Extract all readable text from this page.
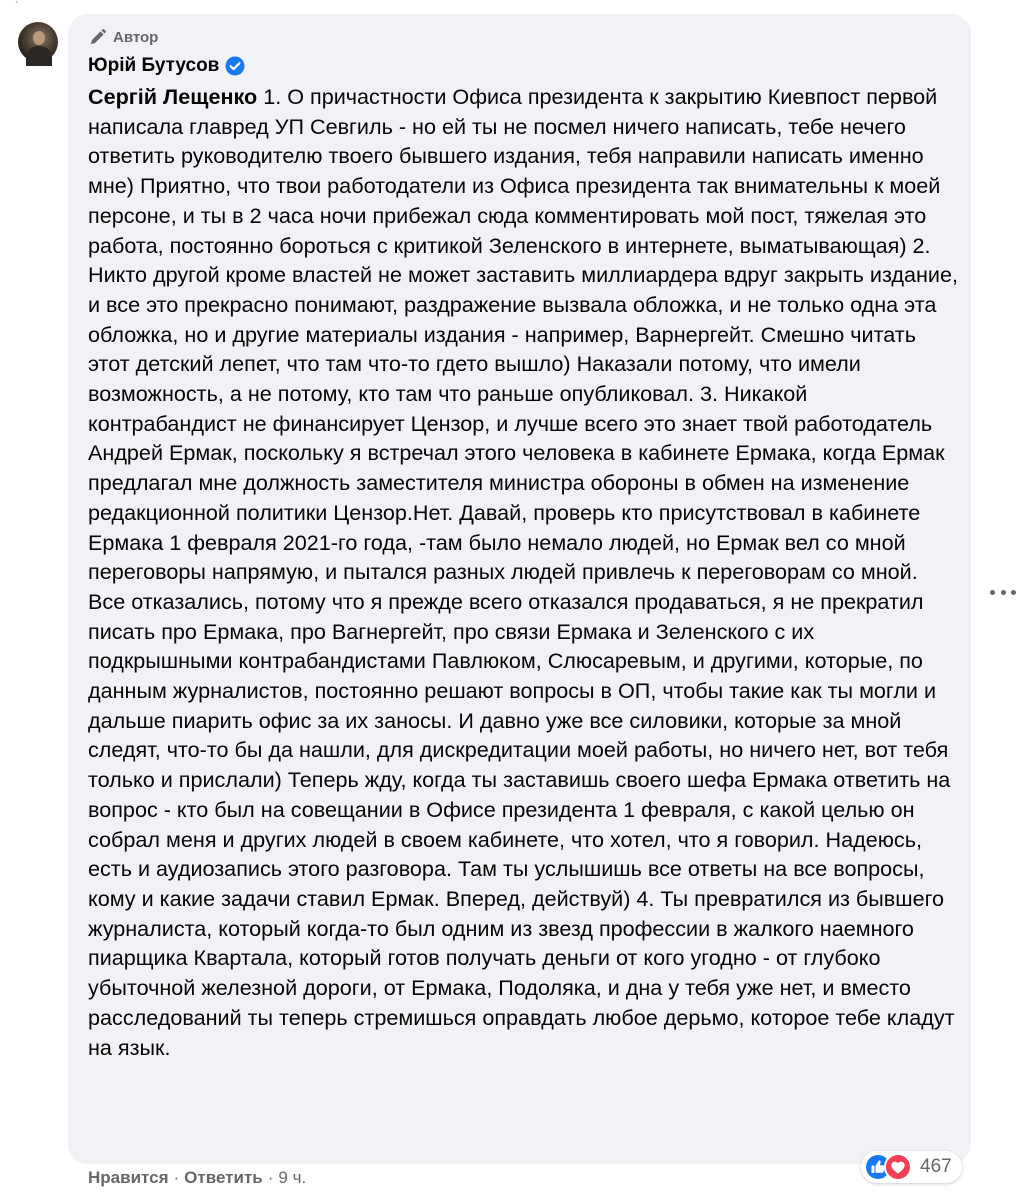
Автор
Юрій Бутусов
Сергій Лещенко 1. О причастности Офиса президента к закрытию Киевпост первой написала главред УП Севгиль - но ей ты не посмел ничего написать, тебе нечего ответить руководителю твоего бывшего издания, тебя направили написать именно мне) Приятно, что твои работодатели из Офиса президента так внимательны к моей персоне, и ты в 2 часа ночи прибежал сюда комментировать мой пост, тяжелая это работа, постоянно бороться с критикой Зеленского в интернете, выматывающая) 2. Никто другой кроме властей не может заставить миллиардера вдруг закрыть издание, и все это прекрасно понимают, раздражение вызвала обложка, и не только одна эта обложка, но и другие материалы издания - например, Варнергейт. Смешно читать этот детский лепет, что там что-то гдето вышло) Наказали потому, что имели возможность, а не потому, кто там что раньше опубликовал. 3. Никакой контрабандист не финансирует Цензор, и лучше всего это знает твой работодатель Андрей Ермак, поскольку я встречал этого человека в кабинете Ермака, когда Ермак предлагал мне должность заместителя министра обороны в обмен на изменение редакционной политики Цензор.Нет. Давай, проверь кто присутствовал в кабинете Ермака 1 февраля 2021-го года, -там было немало людей, но Ермак вел со мной переговоры напрямую, и пытался разных людей привлечь к переговорам со мной. Все отказались, потому что я прежде всего отказался продаваться, я не прекратил писать про Ермака, про Вагнергейт, про связи Ермака и Зеленского с их подкрышными контрабандистами Павлюком, Слюсаревым, и другими, которые, по данным журналистов, постоянно решают вопросы в ОП, чтобы такие как ты могли и дальше пиарить офис за их заносы. И давно уже все силовики, которые за мной следят, что-то бы да нашли, для дискредитации моей работы, но ничего нет, вот тебя только и прислали) Теперь жду, когда ты заставишь своего шефа Ермака ответить на вопрос - кто был на совещании в Офисе президента 1 февраля, с какой целью он собрал меня и других людей в своем кабинете, что хотел, что я говорил. Надеюсь, есть и аудиозапись этого разговора. Там ты услышишь все ответы на все вопросы, кому и какие задачи ставил Ермак. Вперед, действуй) 4. Ты превратился из бывшего журналиста, который когда-то был одним из звезд профессии в жалкого наемного пиарщика Квартала, который готов получать деньги от кого угодно - от глубоко убыточной железной дороги, от Ермака, Подоляка, и дна у тебя уже нет, и вместо расследований ты теперь стремишься оправдать любое дерьмо, которое тебе кладут на язык.
467
Нравится · Ответить · 9 ч.
